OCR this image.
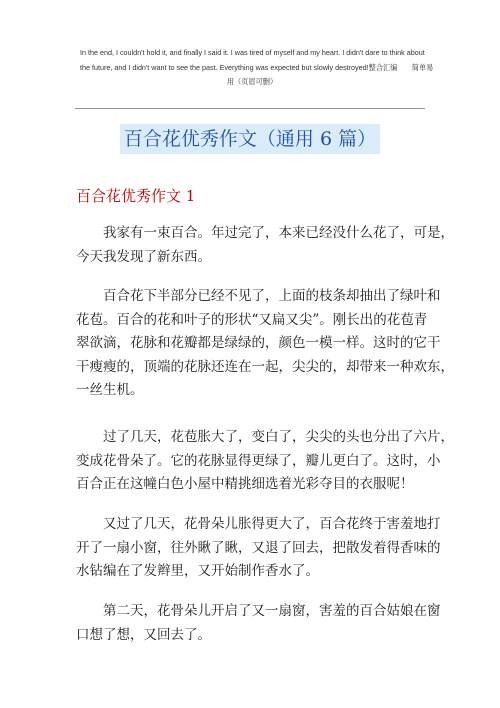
In the end, I couldn't hold it, and finally I said it. I was tired of myself and my heart. I didn't dare to think about
the future, and I didn't want to see the past. Everything was expected but slowly destroyed!整合汇编　　简单易
用（页眉可删）
百合花优秀作文（通用 6 篇）
百合花优秀作文 1
　　我家有一束百合。年过完了，本来已经没什么花了，可是，
今天我发现了新东西。
　　百合花下半部分已经不见了，上面的枝条却抽出了绿叶和
花苞。百合的花和叶子的形状“又扁又尖”。刚长出的花苞青
翠欲滴，花脉和花瓣都是绿绿的，颜色一模一样。这时的它干
干瘦瘦的，顶端的花脉还连在一起，尖尖的，却带来一种欢东，
一丝生机。
　　过了几天，花苞胀大了，变白了，尖尖的头也分出了六片，
变成花骨朵了。它的花脉显得更绿了，瓣儿更白了。这时，小
百合正在这幢白色小屋中精挑细选着光彩夺目的衣服呢！
　　又过了几天，花骨朵儿胀得更大了，百合花终于害羞地打
开了一扇小窗，往外瞅了瞅，又退了回去，把散发着得香味的
水钻编在了发辫里，又开始制作香水了。
　　第二天，花骨朵儿开启了又一扇窗，害羞的百合姑娘在窗
口想了想，又回去了。
